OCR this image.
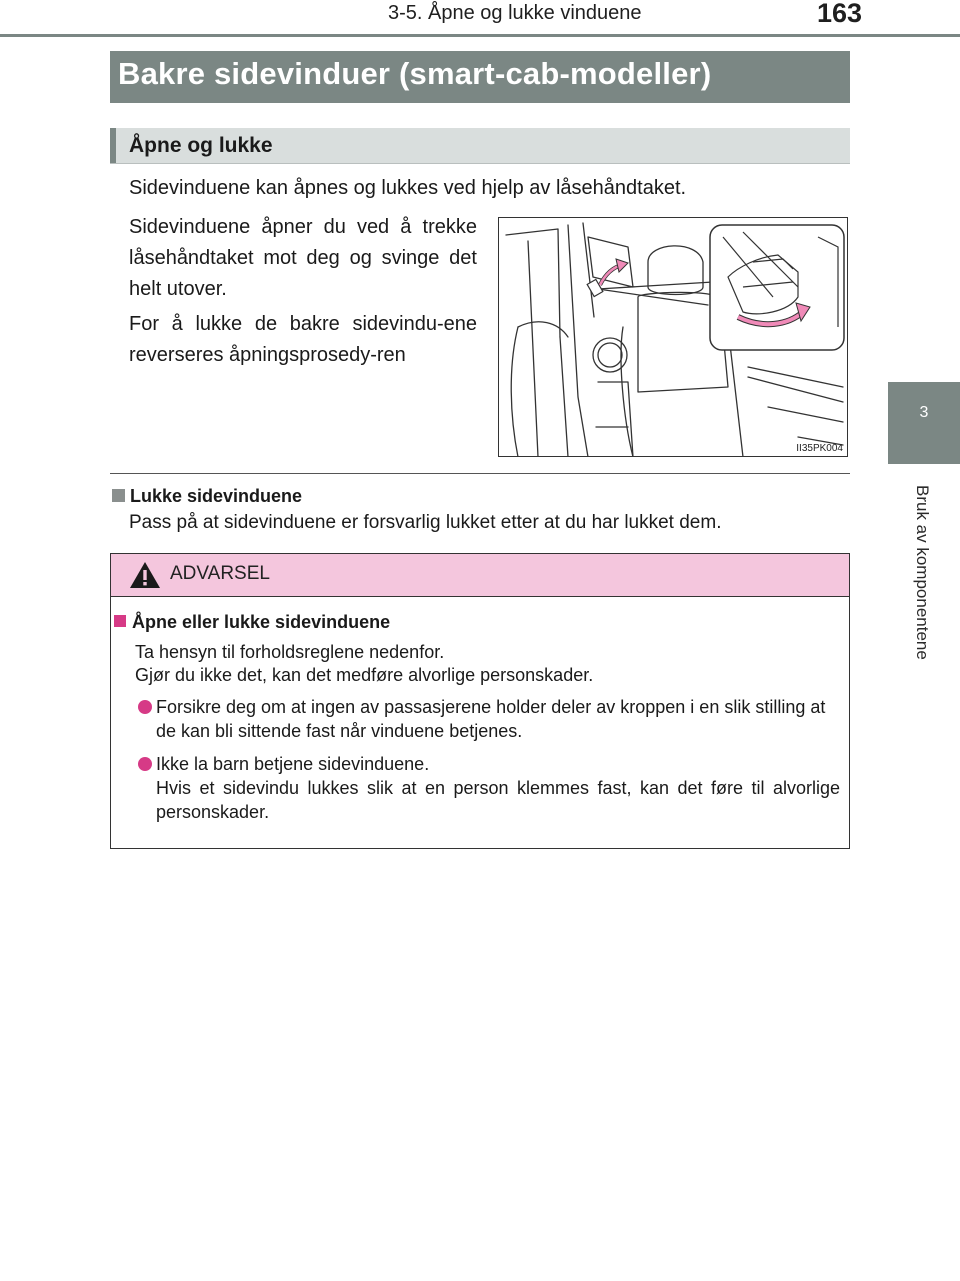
3-5. Åpne og lukke vinduene	163
3
Bruk av komponentene
Bakre sidevinduer (smart-cab-modeller)
Åpne og lukke
Sidevinduene kan åpnes og lukkes ved hjelp av låsehåndtaket.
Sidevinduene åpner du ved å trekke låsehåndtaket mot deg og svinge det helt utover.
For å lukke de bakre sidevindu-ene reverseres åpningsprosedy-ren
II35PK004
Lukke sidevinduene
Pass på at sidevinduene er forsvarlig lukket etter at du har lukket dem.
ADVARSEL
Åpne eller lukke sidevinduene
Ta hensyn til forholdsreglene nedenfor.
Gjør du ikke det, kan det medføre alvorlige personskader.
Forsikre deg om at ingen av passasjerene holder deler av kroppen i en slik stilling at de kan bli sittende fast når vinduene betjenes.
Ikke la barn betjene sidevinduene.
Hvis et sidevindu lukkes slik at en person klemmes fast, kan det føre til alvorlige personskader.
